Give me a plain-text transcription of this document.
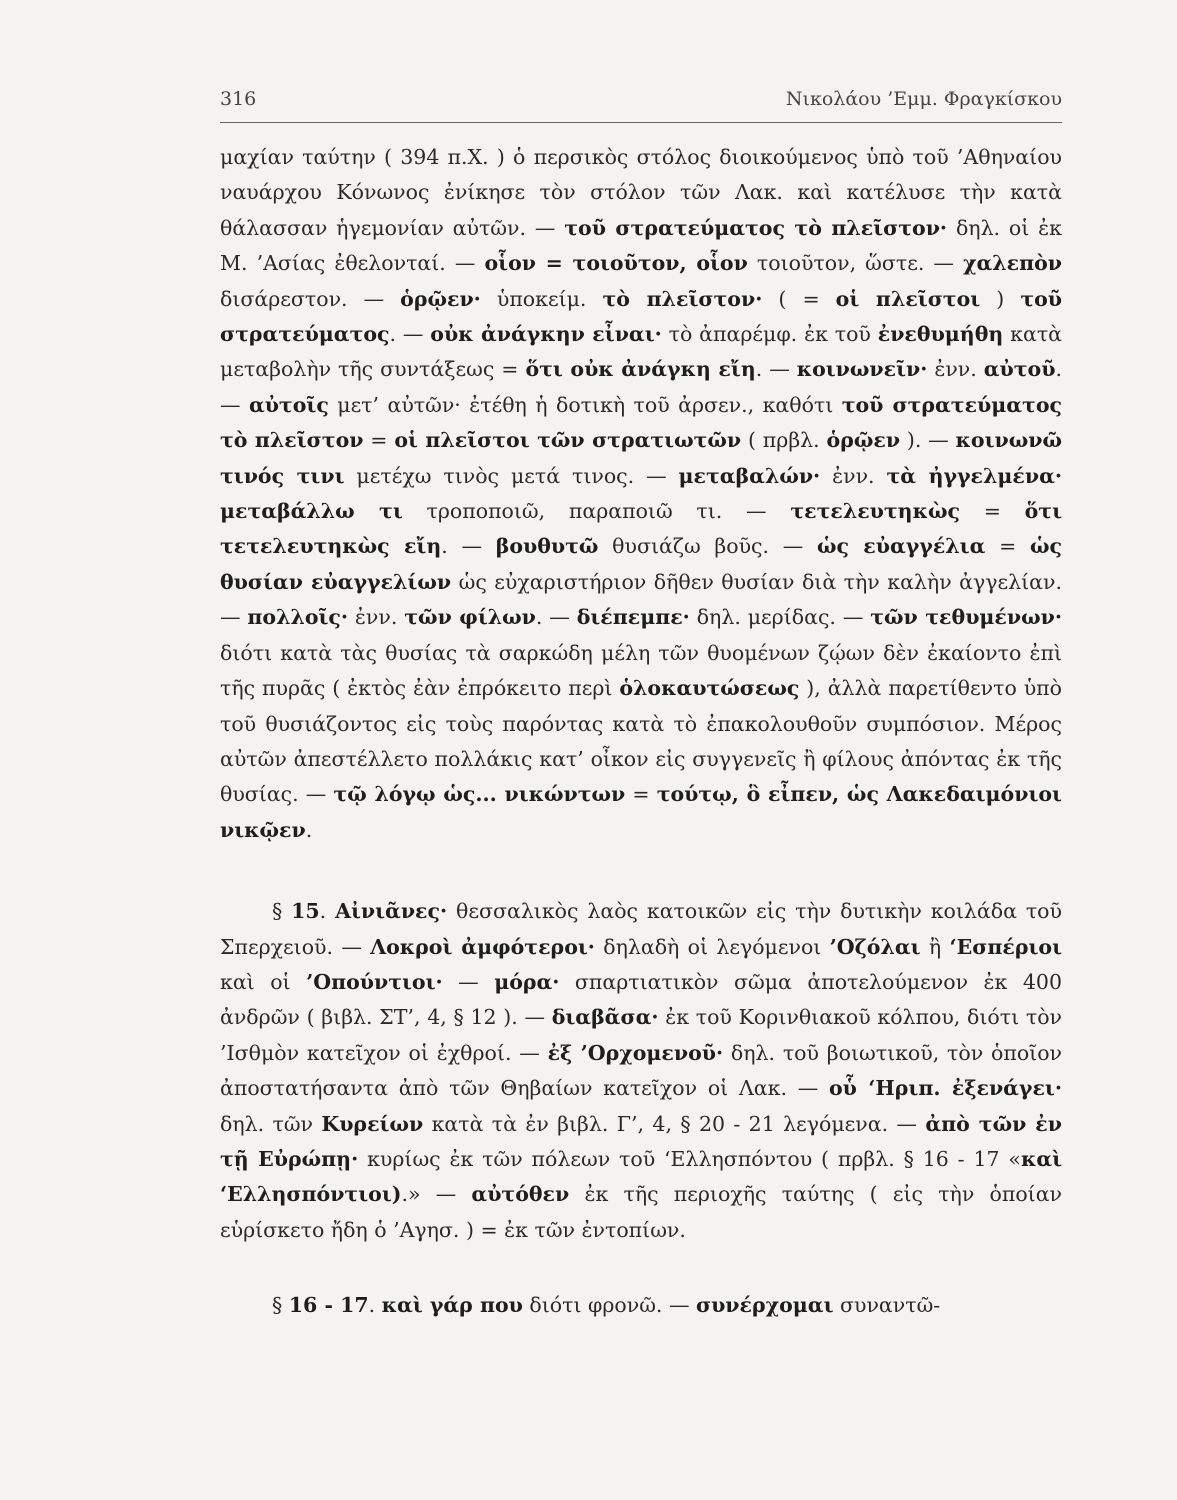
316	Νικολάου ’Εμμ. Φραγκίσκου

μαχίαν ταύτην ( 394 π.Χ. ) ὁ περσικὸς στόλος διοικούμενος ὑπὸ τοῦ ’Αθηναίου ναυάρχου Κόνωνος ἐνίκησε τὸν στόλον τῶν Λακ. καὶ κατέλυσε τὴν κατὰ θάλασσαν ἡγεμονίαν αὐτῶν. — τοῦ στρατεύματος τὸ πλεῖστον· δηλ. οἱ ἐκ Μ. ’Ασίας ἐθελονταί. — οἷον = τοιοῦτον, οἷον τοιοῦτον, ὥστε. — χαλεπὸν δισάρεστον. — ὁρῷεν· ὑποκείμ. τὸ πλεῖστον· ( = οἱ πλεῖστοι ) τοῦ στρατεύματος. — οὐκ ἀνάγκην εἶναι· τὸ ἀπαρέμφ. ἐκ τοῦ ἐνεθυμήθη κατὰ μεταβολὴν τῆς συντάξεως = ὅτι οὐκ ἀνάγκη εἴη. — κοινωνεῖν· ἐνν. αὐτοῦ. — αὐτοῖς μετ’ αὐτῶν· ἐτέθη ἡ δοτικὴ τοῦ ἀρσεν., καθότι τοῦ στρατεύματος τὸ πλεῖστον = οἱ πλεῖστοι τῶν στρατιωτῶν ( πρβλ. ὁρῷεν ). — κοινωνῶ τινός τινι μετέχω τινὸς μετά τινος. — μεταβαλών· ἐνν. τὰ ἠγγελμένα· μεταβάλλω τι τροποποιῶ, παραποιῶ τι. — τετελευτηκὼς = ὅτι τετελευτηκὼς εἴη. — βουθυτῶ θυσιάζω βοῦς. — ὡς εὐαγγέλια = ὡς θυσίαν εὐαγγελίων ὡς εὐχαριστήριον δῆθεν θυσίαν διὰ τὴν καλὴν ἀγγελίαν. — πολλοῖς· ἐνν. τῶν φίλων. — διέπεμπε· δηλ. μερίδας. — τῶν τεθυμένων· διότι κατὰ τὰς θυσίας τὰ σαρκώδη μέλη τῶν θυομένων ζῴων δὲν ἐκαίοντο ἐπὶ τῆς πυρᾶς ( ἐκτὸς ἐὰν ἐπρόκειτο περὶ ὁλοκαυτώσεως ), ἀλλὰ παρετίθεντο ὑπὸ τοῦ θυσιάζοντος εἰς τοὺς παρόντας κατὰ τὸ ἐπακολουθοῦν συμπόσιον. Μέρος αὐτῶν ἀπεστέλλετο πολλάκις κατ’ οἶκον εἰς συγγενεῖς ἢ φίλους ἀπόντας ἐκ τῆς θυσίας. — τῷ λόγῳ ὡς... νικώντων = τούτῳ, ὃ εἶπεν, ὡς Λακεδαιμόνιοι νικῷεν.

§ 15. Αἰνιᾶνες· θεσσαλικὸς λαὸς κατοικῶν εἰς τὴν δυτικὴν κοιλάδα τοῦ Σπερχειοῦ. — Λοκροὶ ἀμφότεροι· δηλαδὴ οἱ λεγόμενοι ’Οζόλαι ἢ ‘Εσπέριοι καὶ οἱ ’Οπούντιοι· — μόρα· σπαρτιατικὸν σῶμα ἀποτελούμενον ἐκ 400 ἀνδρῶν ( βιβλ. ΣΤ’, 4, § 12 ). — διαβᾶσα· ἐκ τοῦ Κορινθιακοῦ κόλπου, διότι τὸν ’Ισθμὸν κατεῖχον οἱ ἐχθροί. — ἐξ ’Ορχομενοῦ· δηλ. τοῦ βοιωτικοῦ, τὸν ὁποῖον ἀποστατήσαντα ἀπὸ τῶν Θηβαίων κατεῖχον οἱ Λακ. — οὗ ‘Ηριπ. ἐξενάγει· δηλ. τῶν Κυρείων κατὰ τὰ ἐν βιβλ. Γ’, 4, § 20 - 21 λεγόμενα. — ἀπὸ τῶν ἐν τῇ Εὐρώπῃ· κυρίως ἐκ τῶν πόλεων τοῦ ‘Ελλησπόντου ( πρβλ. § 16 - 17 «καὶ ‘Ελλησπόντιοι).» — αὐτόθεν ἐκ τῆς περιοχῆς ταύτης ( εἰς τὴν ὁποίαν εὑρίσκετο ἤδη ὁ ’Αγησ. ) = ἐκ τῶν ἐντοπίων.

§ 16 - 17. καὶ γάρ που διότι φρονῶ. — συνέρχομαι συναντῶ-
